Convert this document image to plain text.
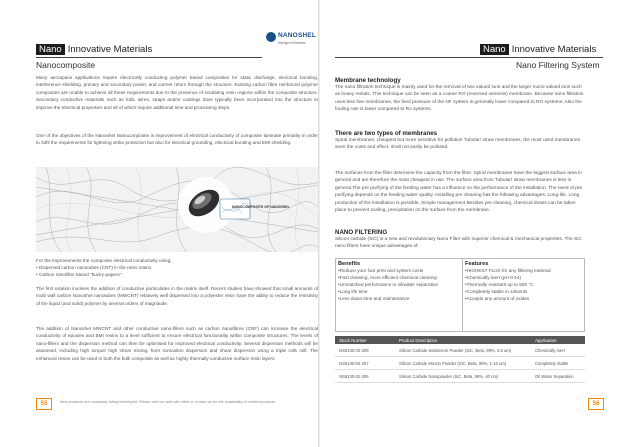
Nano Innovative Materials
Nanocomposite
NANOSHEL
Intelligent Materials

Many aerospace applications require electrically conducting polymer based composites for static discharge, electrical bonding, interference shielding, primary and secondary power, and current return through the structure. Existing carbon fibre reinforced polymer composites are unable to achieve all these requirements due to the presence of insulating resin regions within the composite structure. Secondary conductive materials such as foils, wires, straps and/or coatings have typically been incorporated into the structure to improve the electrical properties and all of which require additional time and processing steps.

One of the objectives of the Nanoshel Nanocomposite is improvement of electrical conductivity of composite laminate primarily in order to fulfil the requirements for lightning strike protection but also for electrical grounding, electrical bonding and EMI shielding.

NANOCOMPOSITE OF NANOSHEL

For the improvements the composite electrical conductivity using:

• Dispersed carbon nanotubes (CNT) in the resin matrix.
• Carbon nanofiller based "bucky-papers".

The first solution involves the addition of conductive particulates in the matrix itself. Recent studies have showed that small amounts of multi wall carbon Nanoshel nanotubes (MWCNT) relatively well dispersed into a polyester resin have the ability to reduce the resistivity of the liquid (and solid) polymer by several orders of magnitude.

The addition of Nanoshel MWCNT and other conductive nano-fillers such as carbon nanofibres (CNF) can increase the electrical conductivity of epoxies and BMI resins to a level sufficient to ensure electrical functionality within composite structures. The levels of nano-fillers and the dispersion method can then be optimised for improved electrical conductivity. Several dispersion methods will be assessed, including high torque/ high shear mixing, horn sonication dispersion and shear dispersion using a triple rolls mill. The enhanced resins can be used in both the bulk composite as well as highly thermally conductive surface resin layers.

55	New products are constantly being developed. Please visit our web site often or contact us for the availability of untried products.
Nano Innovative Materials
Nano Filtering System
Membrane technology

The nano filtration technique is mainly used for the removal of two valued ions and the larger mono valued ions such as heavy metals. This technique can be seen as a coarse RO (reversed osmosis) membrane. Because nano filtration uses less fine membranes, the feed pressure of the NF system is generally lower compared to RO systems. Also the fouling rate is lower compared to Ro systems.

There are two types of membranes

Spiral membranes, cheapest but more sensitive for pollution Tubular/ straw membranes, the most used membranes seen the costs and effect, shall not easily be polluted.

The surfaces from the filter determine the capacity from the filter. Spiral membranes have the biggest surface area in general and are therefore the most cheapest in use. The surface area from Tubular/ straw membranes is less in general.The pre purifying of the feeding water has a influence on the performance of the installation. The need of pre purifying depends on the feeding water quality. Installing pre cleaning has the following advantages: Long-life, Long production of the installation is possible, Simple management Besides pre cleaning, chemical doses can be taken place to prevent scaling, precipitation on the surface from the membrane.

NANO FILTERING

Silicon carbide (SiC) is a new and revolutionary Nano Filter with superior chemical & mechanical properties. The SiC nano filters have unique advantages of:

Benefits
•Reduce your foot print and system costs
•Fast cleaning, more efficient chemical cleaning
•Unmatched performance in oil/water separation
•Long life time
•Less down time and maintenance
Features
•HIGHEST FLUX for any filtering material
•Chemically inert (pH 0-14)
•Thermally resistant up to 800 °C
•Completely stable in solvents
•Accepts any amount of oxides
Stock Number	Product Description	Application
NS6130-02-208	Silicon Carbide Submicron Powder (SiC, Beta, 99%, 0.5 um)	Chemically inert
NS6130-02-207	Silicon Carbide Micron Powder (SiC, Beta, 99%, 1-10 um)	Completely stable
NS6130-02-206	Silicon Carbide Nanopowder (SiC, Beta, 99%, 40 nm)	Oil Water Separation
56
